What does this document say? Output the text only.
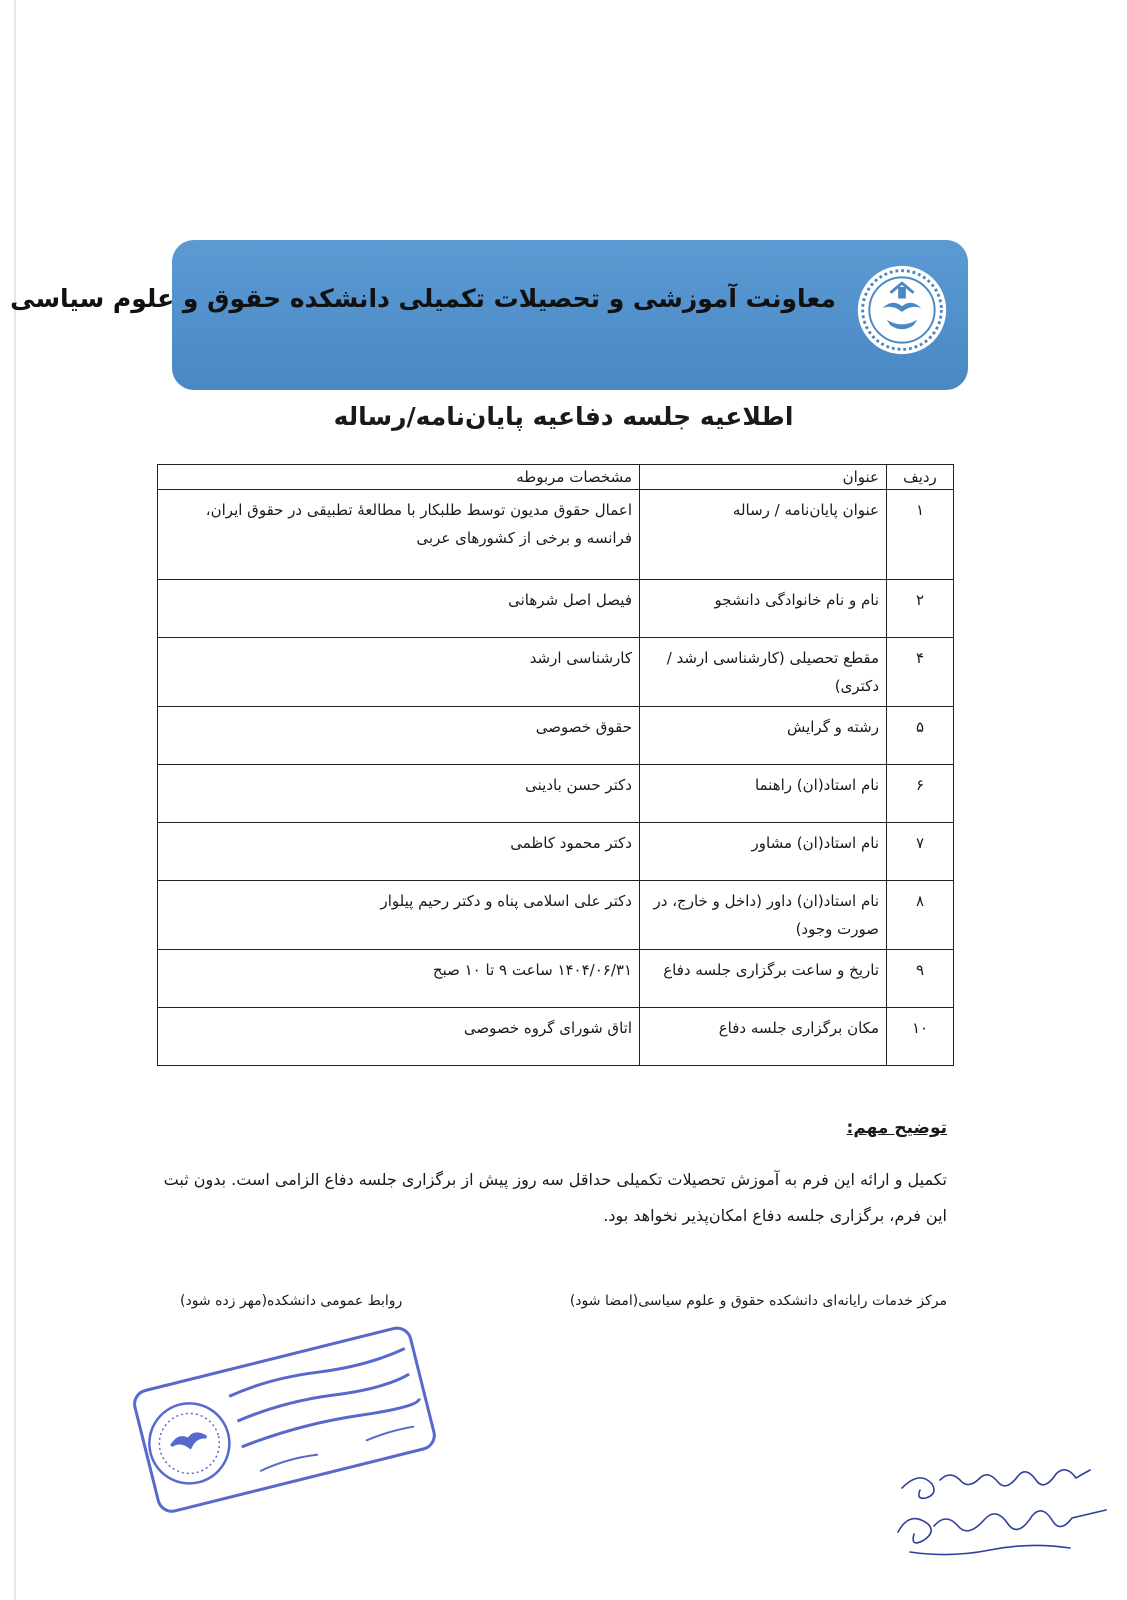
معاونت آموزشی و تحصیلات تکمیلی دانشکده حقوق و علوم سیاسی
اطلاعیه جلسه دفاعیه پایان‌نامه/رساله
ردیف	عنوان	مشخصات مربوطه
۱	عنوان پایان‌نامه / رساله	اعمال حقوق مدیون توسط طلبکار با مطالعهٔ تطبیقی در حقوق ایران، فرانسه و برخی از کشورهای عربی
۲	نام و نام خانوادگی دانشجو	فیصل اصل شرهانی
۴	مقطع تحصیلی (کارشناسی ارشد / دکتری)	کارشناسی ارشد
۵	رشته و گرایش	حقوق خصوصی
۶	نام استاد(ان) راهنما	دکتر حسن بادینی
۷	نام استاد(ان) مشاور	دکتر محمود کاظمی
۸	نام استاد(ان) داور (داخل و خارج، در صورت وجود)	دکتر علی اسلامی پناه و دکتر رحیم پیلوار
۹	تاریخ و ساعت برگزاری جلسه دفاع	۱۴۰۴/۰۶/۳۱ ساعت ۹ تا ۱۰ صبح
۱۰	مکان برگزاری جلسه دفاع	اتاق شورای گروه خصوصی
توضیح مهم:
تکمیل و ارائه این فرم به آموزش تحصیلات تکمیلی حداقل سه روز پیش از برگزاری جلسه دفاع الزامی است. بدون ثبت این فرم، برگزاری جلسه دفاع امکان‌پذیر نخواهد بود.
مرکز خدمات رایانه‌ای دانشکده حقوق و علوم سیاسی(امضا شود)
روابط عمومی دانشکده(مهر زده شود)
